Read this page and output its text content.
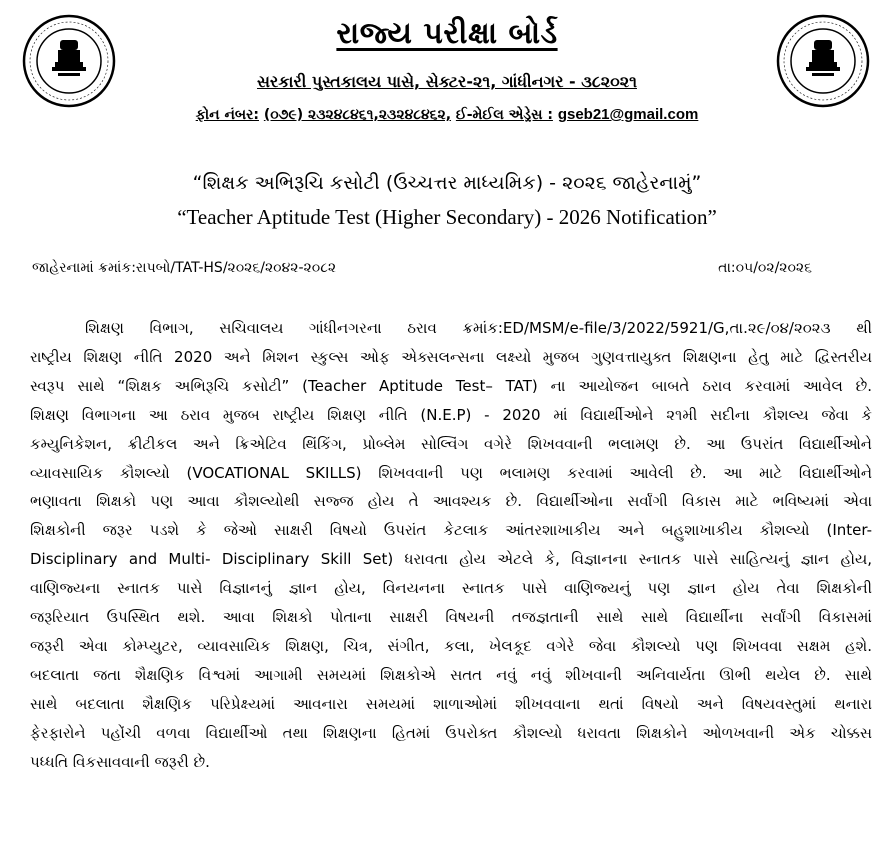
રાજ્ય પરીક્ષા બોર્ડ
સરકારી પુસ્તકાલય પાસે, સેક્ટર-૨૧, ગાંધીનગર - ૩૮૨૦૨૧
ફોન નંબર: (૦૭૯) ૨૩૨૪૮૪૬૧,૨૩૨૪૮૪૬૨, ઈ-મેઈલ એડ્રેસ : gseb21@gmail.com
“શિક્ષક અભિરૂચિ કસોટી (ઉચ્ચત્તર માધ્યમિક) - ૨૦૨૬ જાહેરનામું”
“Teacher Aptitude Test (Higher Secondary) - 2026 Notification”
જાહેરનામાં ક્રમાંક:રાપબો/TAT-HS/૨૦૨૬/૨૦૪૨-૨૦૮૨	તા:૦૫/૦૨/૨૦૨૬
શિક્ષણ વિભાગ, સચિવાલય ગાંધીનગરના ઠરાવ ક્રમાંક:ED/MSM/e-file/3/2022/5921/G,તા.૨૯/૦૪/૨૦૨૩ થી
રાષ્ટ્રીય શિક્ષણ નીતિ 2020 અને મિશન સ્કુલ્સ ઓફ એક્સલન્સના લક્ષ્યો મુજબ ગુણવત્તાયુક્ત શિક્ષણના હેતુ માટે દ્વિસ્તરીય
સ્વરૂપ સાથે “શિક્ષક અભિરૂચિ કસોટી” (Teacher Aptitude Test– TAT) ના આયોજન બાબતે ઠરાવ કરવામાં આવેલ છે.
શિક્ષણ વિભાગના આ ઠરાવ મુજબ રાષ્ટ્રીય શિક્ષણ નીતિ (N.E.P) - 2020 માં વિદ્યાર્થીઓને ૨૧મી સદીના કૌશલ્ય જેવા કે
કમ્યુનિકેશન, ક્રીટીકલ અને ક્રિએટિવ થિંકિંગ, પ્રોબ્લેમ સોલ્વિંગ વગેરે શિખવવાની ભલામણ છે. આ ઉપરાંત વિદ્યાર્થીઓને
વ્યાવસાયિક કૌશલ્યો (VOCATIONAL SKILLS) શિખવવાની પણ ભલામણ કરવામાં આવેલી છે. આ માટે વિદ્યાર્થીઓને
ભણાવતા શિક્ષકો પણ આવા કૌશલ્યોથી સજ્જ હોય તે આવશ્યક છે. વિદ્યાર્થીઓના સર્વાંગી વિકાસ માટે ભવિષ્યમાં એવા
શિક્ષકોની જરૂર પડશે કે જેઓ સાક્ષરી વિષયો ઉપરાંત કેટલાક આંતરશાખાકીય અને બહુશાખાકીય કૌશલ્યો (Inter-
Disciplinary and Multi- Disciplinary Skill Set) ધરાવતા હોય એટલે કે, વિજ્ઞાનના સ્નાતક પાસે સાહિત્યનું જ્ઞાન હોય,
વાણિજ્યના સ્નાતક પાસે વિજ્ઞાનનું જ્ઞાન હોય, વિનયનના સ્નાતક પાસે વાણિજ્યનું પણ જ્ઞાન હોય તેવા શિક્ષકોની
જરૂરિયાત ઉપસ્થિત થશે. આવા શિક્ષકો પોતાના સાક્ષરી વિષયની તજજ્ઞતાની સાથે સાથે વિદ્યાર્થીના સર્વાંગી વિકાસમાં
જરૂરી એવા કોમ્પ્યુટર, વ્યાવસાયિક શિક્ષણ, ચિત્ર, સંગીત, કલા, ખેલકૂદ વગેરે જેવા કૌશલ્યો પણ શિખવવા સક્ષમ હશે.
બદલાતા જતા શૈક્ષણિક વિશ્વમાં આગામી સમયમાં શિક્ષકોએ સતત નવું નવું શીખવાની અનિવાર્યતા ઊભી થયેલ છે. સાથે
સાથે બદલાતા શૈક્ષણિક પરિપ્રેક્ષ્યમાં આવનારા સમયમાં શાળાઓમાં શીખવવાના થતાં વિષયો અને વિષયવસ્તુમાં થનારા
ફેરફારોને પહોંચી વળવા વિદ્યાર્થીઓ તથા શિક્ષણના હિતમાં ઉપરોક્ત કૌશલ્યો ધરાવતા શિક્ષકોને ઓળખવાની એક ચોક્કસ
પધ્ધતિ વિકસાવવાની જરૂરી છે.
